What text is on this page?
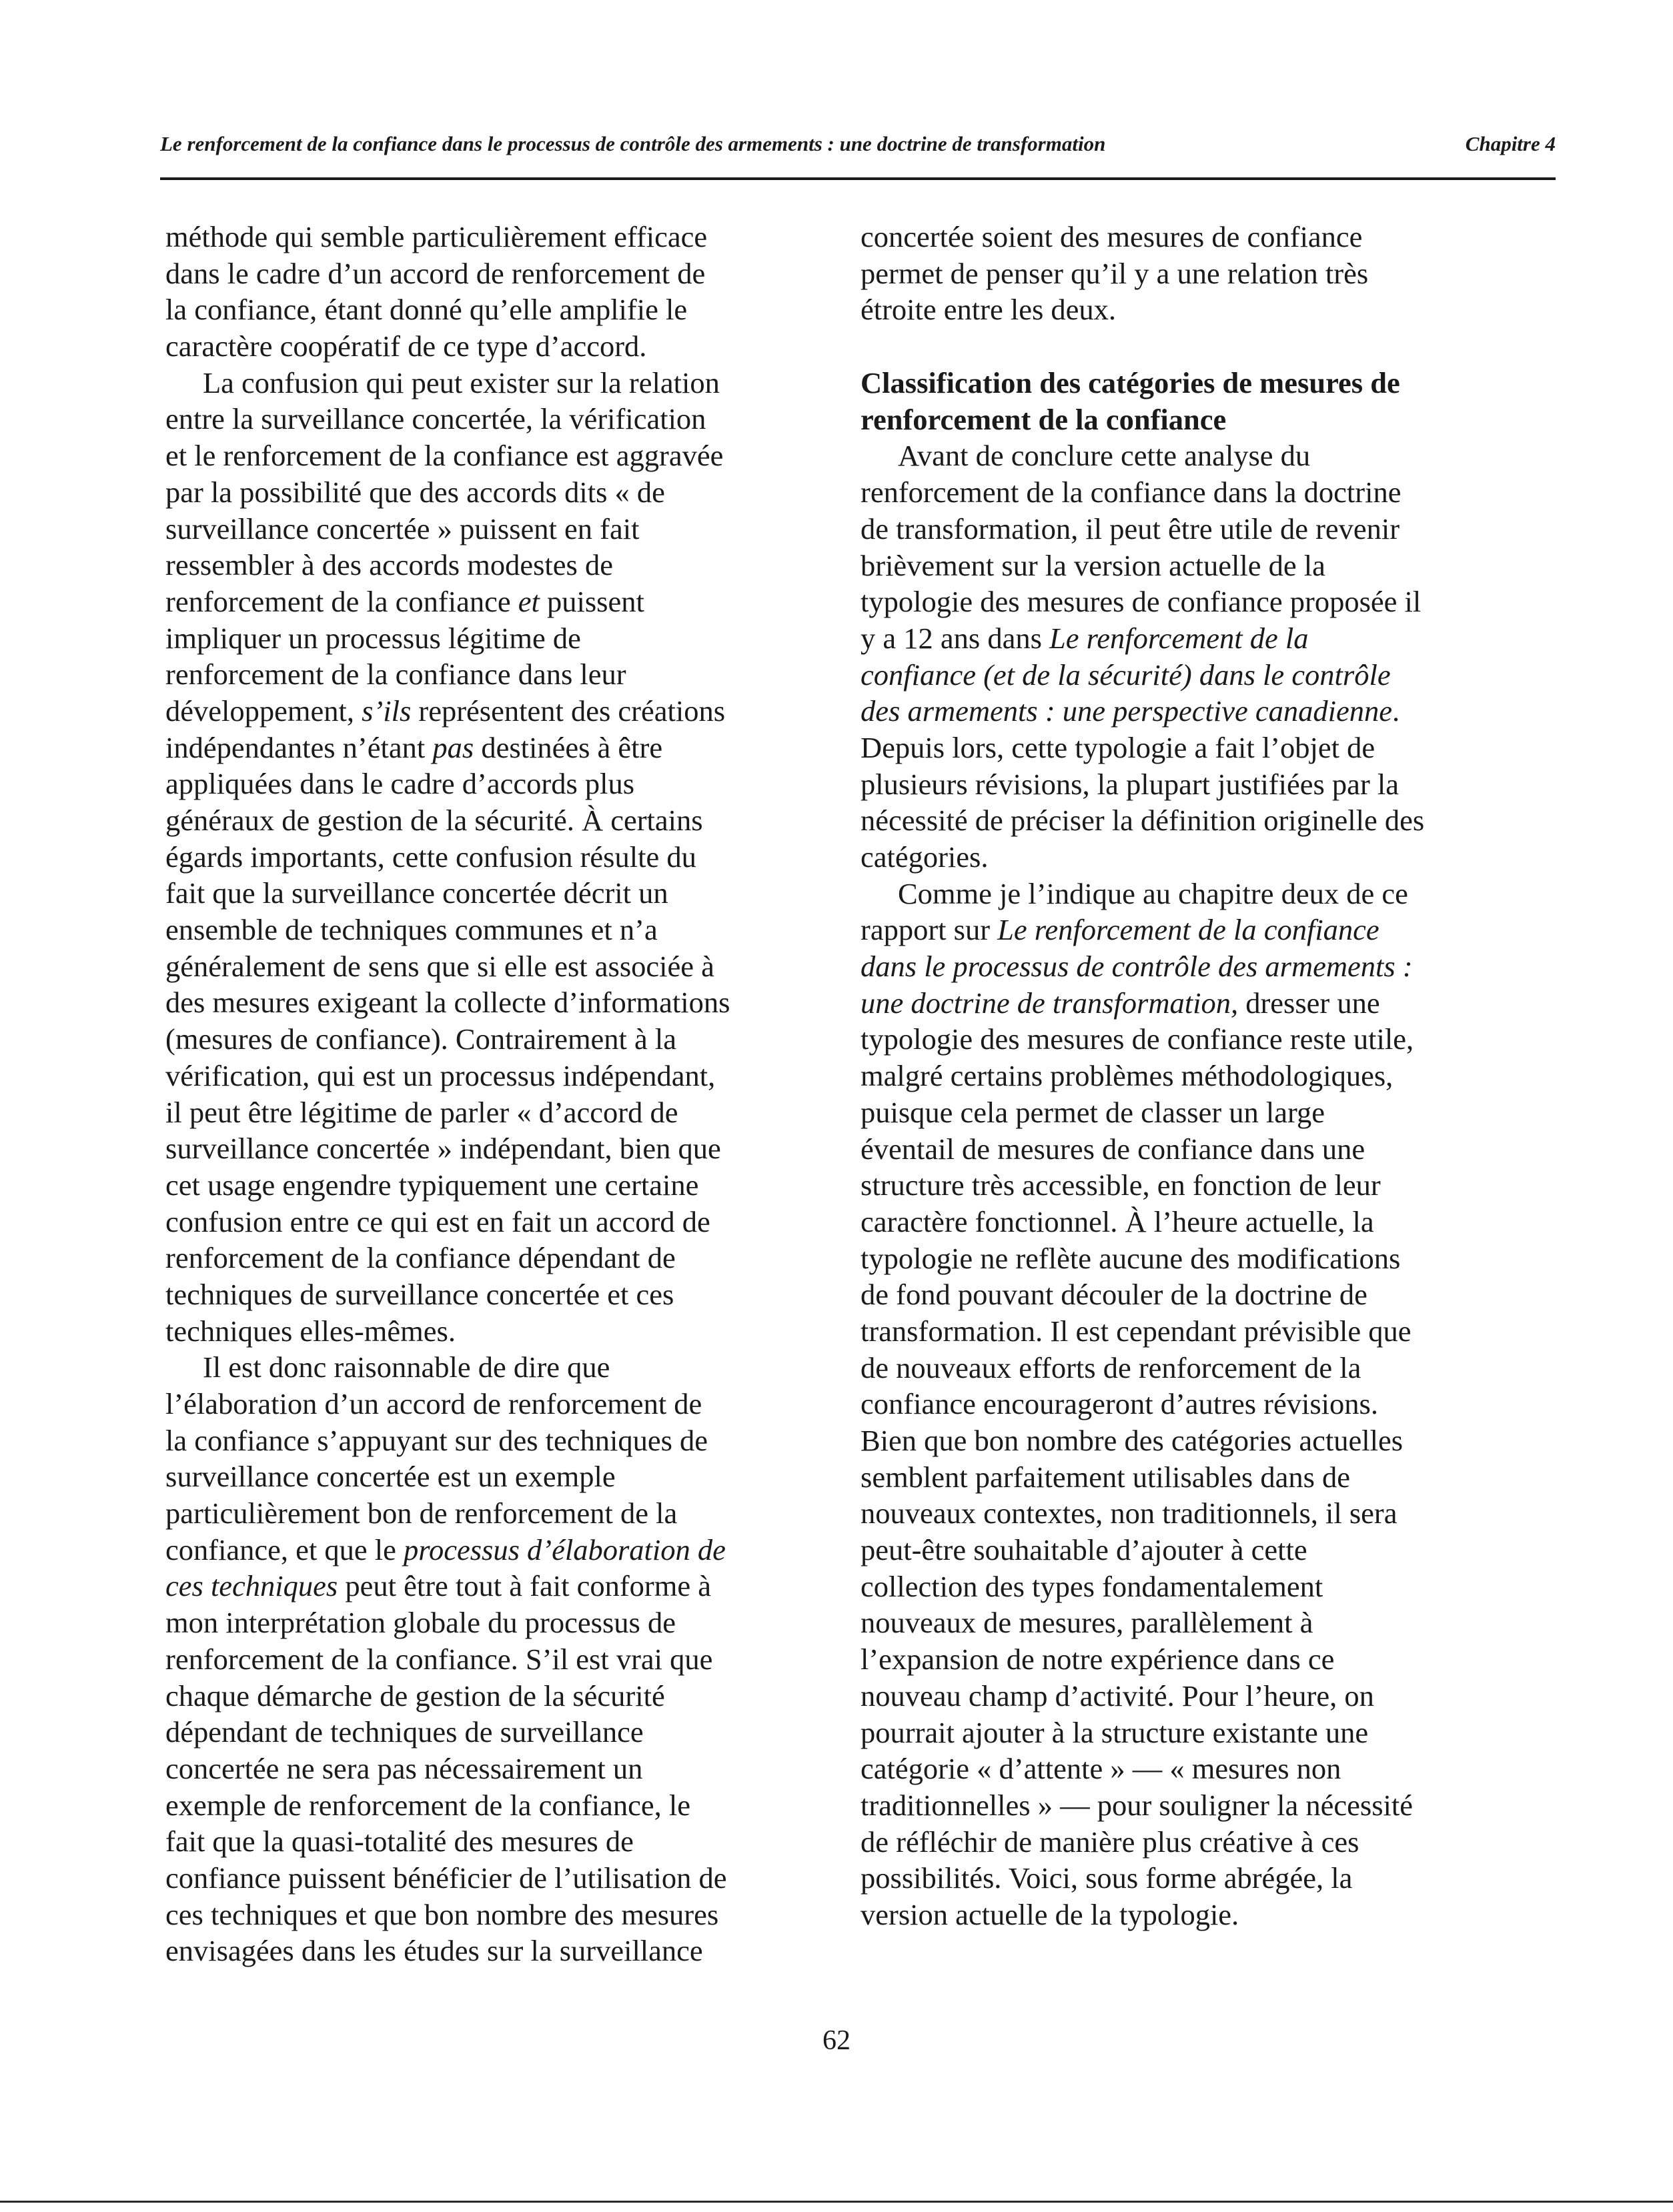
Le renforcement de la confiance dans le processus de contrôle des armements : une doctrine de transformation	Chapitre 4
méthode qui semble particulièrement efficace
dans le cadre d’un accord de renforcement de
la confiance, étant donné qu’elle amplifie le
caractère coopératif de ce type d’accord.
La confusion qui peut exister sur la relation
entre la surveillance concertée, la vérification
et le renforcement de la confiance est aggravée
par la possibilité que des accords dits « de
surveillance concertée » puissent en fait
ressembler à des accords modestes de
renforcement de la confiance et puissent
impliquer un processus légitime de
renforcement de la confiance dans leur
développement, s’ils représentent des créations
indépendantes n’étant pas destinées à être
appliquées dans le cadre d’accords plus
généraux de gestion de la sécurité. À certains
égards importants, cette confusion résulte du
fait que la surveillance concertée décrit un
ensemble de techniques communes et n’a
généralement de sens que si elle est associée à
des mesures exigeant la collecte d’informations
(mesures de confiance). Contrairement à la
vérification, qui est un processus indépendant,
il peut être légitime de parler « d’accord de
surveillance concertée » indépendant, bien que
cet usage engendre typiquement une certaine
confusion entre ce qui est en fait un accord de
renforcement de la confiance dépendant de
techniques de surveillance concertée et ces
techniques elles-mêmes.
Il est donc raisonnable de dire que
l’élaboration d’un accord de renforcement de
la confiance s’appuyant sur des techniques de
surveillance concertée est un exemple
particulièrement bon de renforcement de la
confiance, et que le processus d’élaboration de
ces techniques peut être tout à fait conforme à
mon interprétation globale du processus de
renforcement de la confiance. S’il est vrai que
chaque démarche de gestion de la sécurité
dépendant de techniques de surveillance
concertée ne sera pas nécessairement un
exemple de renforcement de la confiance, le
fait que la quasi-totalité des mesures de
confiance puissent bénéficier de l’utilisation de
ces techniques et que bon nombre des mesures
envisagées dans les études sur la surveillance
concertée soient des mesures de confiance
permet de penser qu’il y a une relation très
étroite entre les deux.
Classification des catégories de mesures de
renforcement de la confiance
Avant de conclure cette analyse du
renforcement de la confiance dans la doctrine
de transformation, il peut être utile de revenir
brièvement sur la version actuelle de la
typologie des mesures de confiance proposée il
y a 12 ans dans Le renforcement de la
confiance (et de la sécurité) dans le contrôle
des armements : une perspective canadienne.
Depuis lors, cette typologie a fait l’objet de
plusieurs révisions, la plupart justifiées par la
nécessité de préciser la définition originelle des
catégories.
Comme je l’indique au chapitre deux de ce
rapport sur Le renforcement de la confiance
dans le processus de contrôle des armements :
une doctrine de transformation, dresser une
typologie des mesures de confiance reste utile,
malgré certains problèmes méthodologiques,
puisque cela permet de classer un large
éventail de mesures de confiance dans une
structure très accessible, en fonction de leur
caractère fonctionnel. À l’heure actuelle, la
typologie ne reflète aucune des modifications
de fond pouvant découler de la doctrine de
transformation. Il est cependant prévisible que
de nouveaux efforts de renforcement de la
confiance encourageront d’autres révisions.
Bien que bon nombre des catégories actuelles
semblent parfaitement utilisables dans de
nouveaux contextes, non traditionnels, il sera
peut-être souhaitable d’ajouter à cette
collection des types fondamentalement
nouveaux de mesures, parallèlement à
l’expansion de notre expérience dans ce
nouveau champ d’activité. Pour l’heure, on
pourrait ajouter à la structure existante une
catégorie « d’attente » — « mesures non
traditionnelles » — pour souligner la nécessité
de réfléchir de manière plus créative à ces
possibilités. Voici, sous forme abrégée, la
version actuelle de la typologie.
62
